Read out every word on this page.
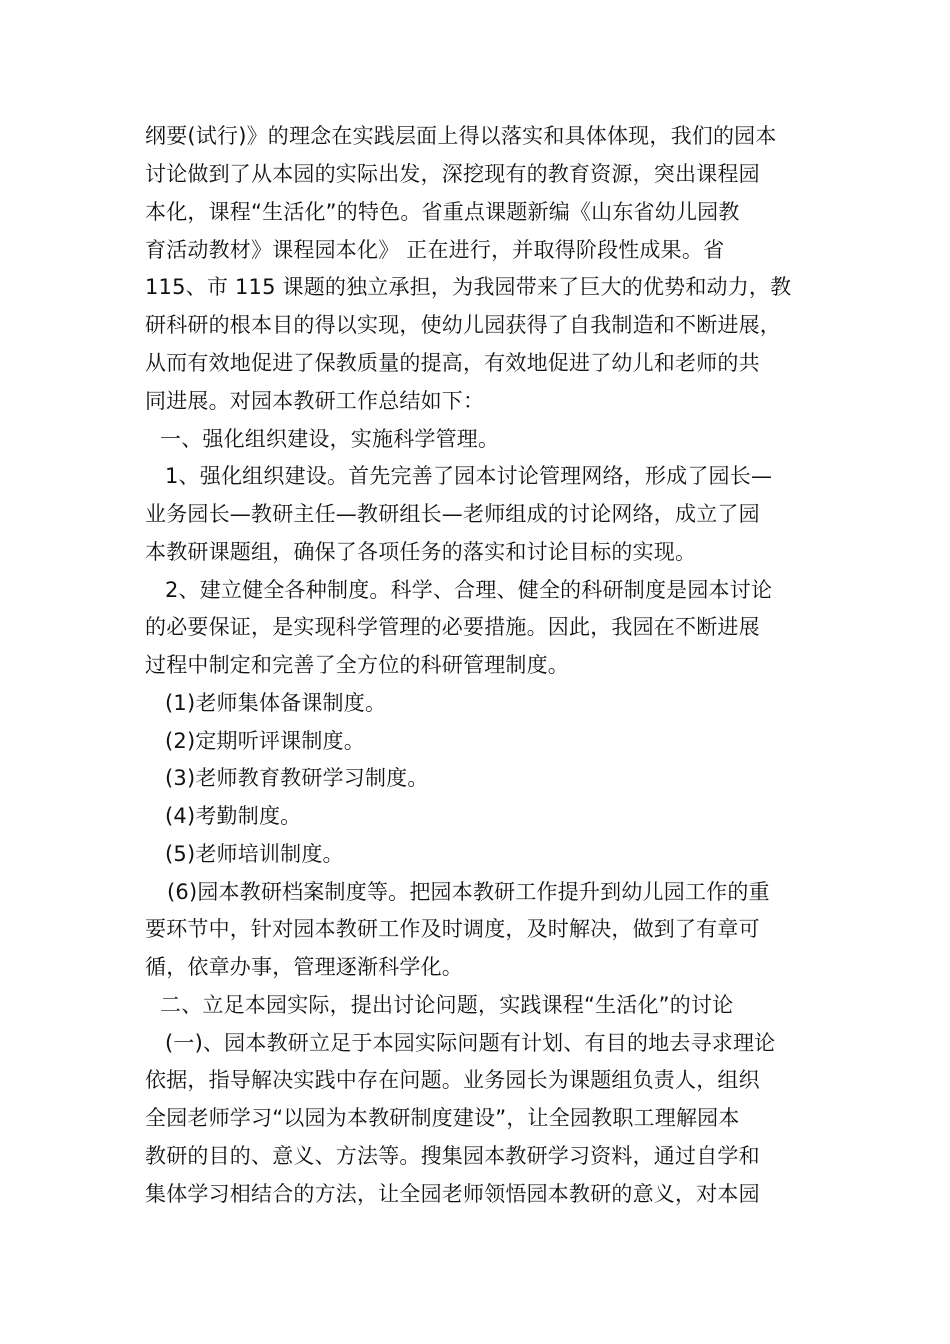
纲要(试行)》的理念在实践层面上得以落实和具体体现，我们的园本
讨论做到了从本园的实际出发，深挖现有的教育资源，突出课程园
本化，课程“生活化”的特色。省重点课题新编《山东省幼儿园教
育活动教材》课程园本化》 正在进行，并取得阶段性成果。省
115、市 115 课题的独立承担，为我园带来了巨大的优势和动力，教
研科研的根本目的得以实现，使幼儿园获得了自我制造和不断进展，
从而有效地促进了保教质量的提高，有效地促进了幼儿和老师的共
同进展。对园本教研工作总结如下：
一、强化组织建设，实施科学管理。
1、强化组织建设。首先完善了园本讨论管理网络，形成了园长—
业务园长—教研主任—教研组长—老师组成的讨论网络，成立了园
本教研课题组，确保了各项任务的落实和讨论目标的实现。
2、建立健全各种制度。科学、合理、健全的科研制度是园本讨论
的必要保证，是实现科学管理的必要措施。因此，我园在不断进展
过程中制定和完善了全方位的科研管理制度。
(1)老师集体备课制度。
(2)定期听评课制度。
(3)老师教育教研学习制度。
(4)考勤制度。
(5)老师培训制度。
(6)园本教研档案制度等。把园本教研工作提升到幼儿园工作的重
要环节中，针对园本教研工作及时调度，及时解决，做到了有章可
循，依章办事，管理逐渐科学化。
二、立足本园实际，提出讨论问题，实践课程“生活化”的讨论
(一)、园本教研立足于本园实际问题有计划、有目的地去寻求理论
依据，指导解决实践中存在问题。业务园长为课题组负责人，组织
全园老师学习“以园为本教研制度建设”，让全园教职工理解园本
教研的目的、意义、方法等。搜集园本教研学习资料，通过自学和
集体学习相结合的方法，让全园老师领悟园本教研的意义，对本园
